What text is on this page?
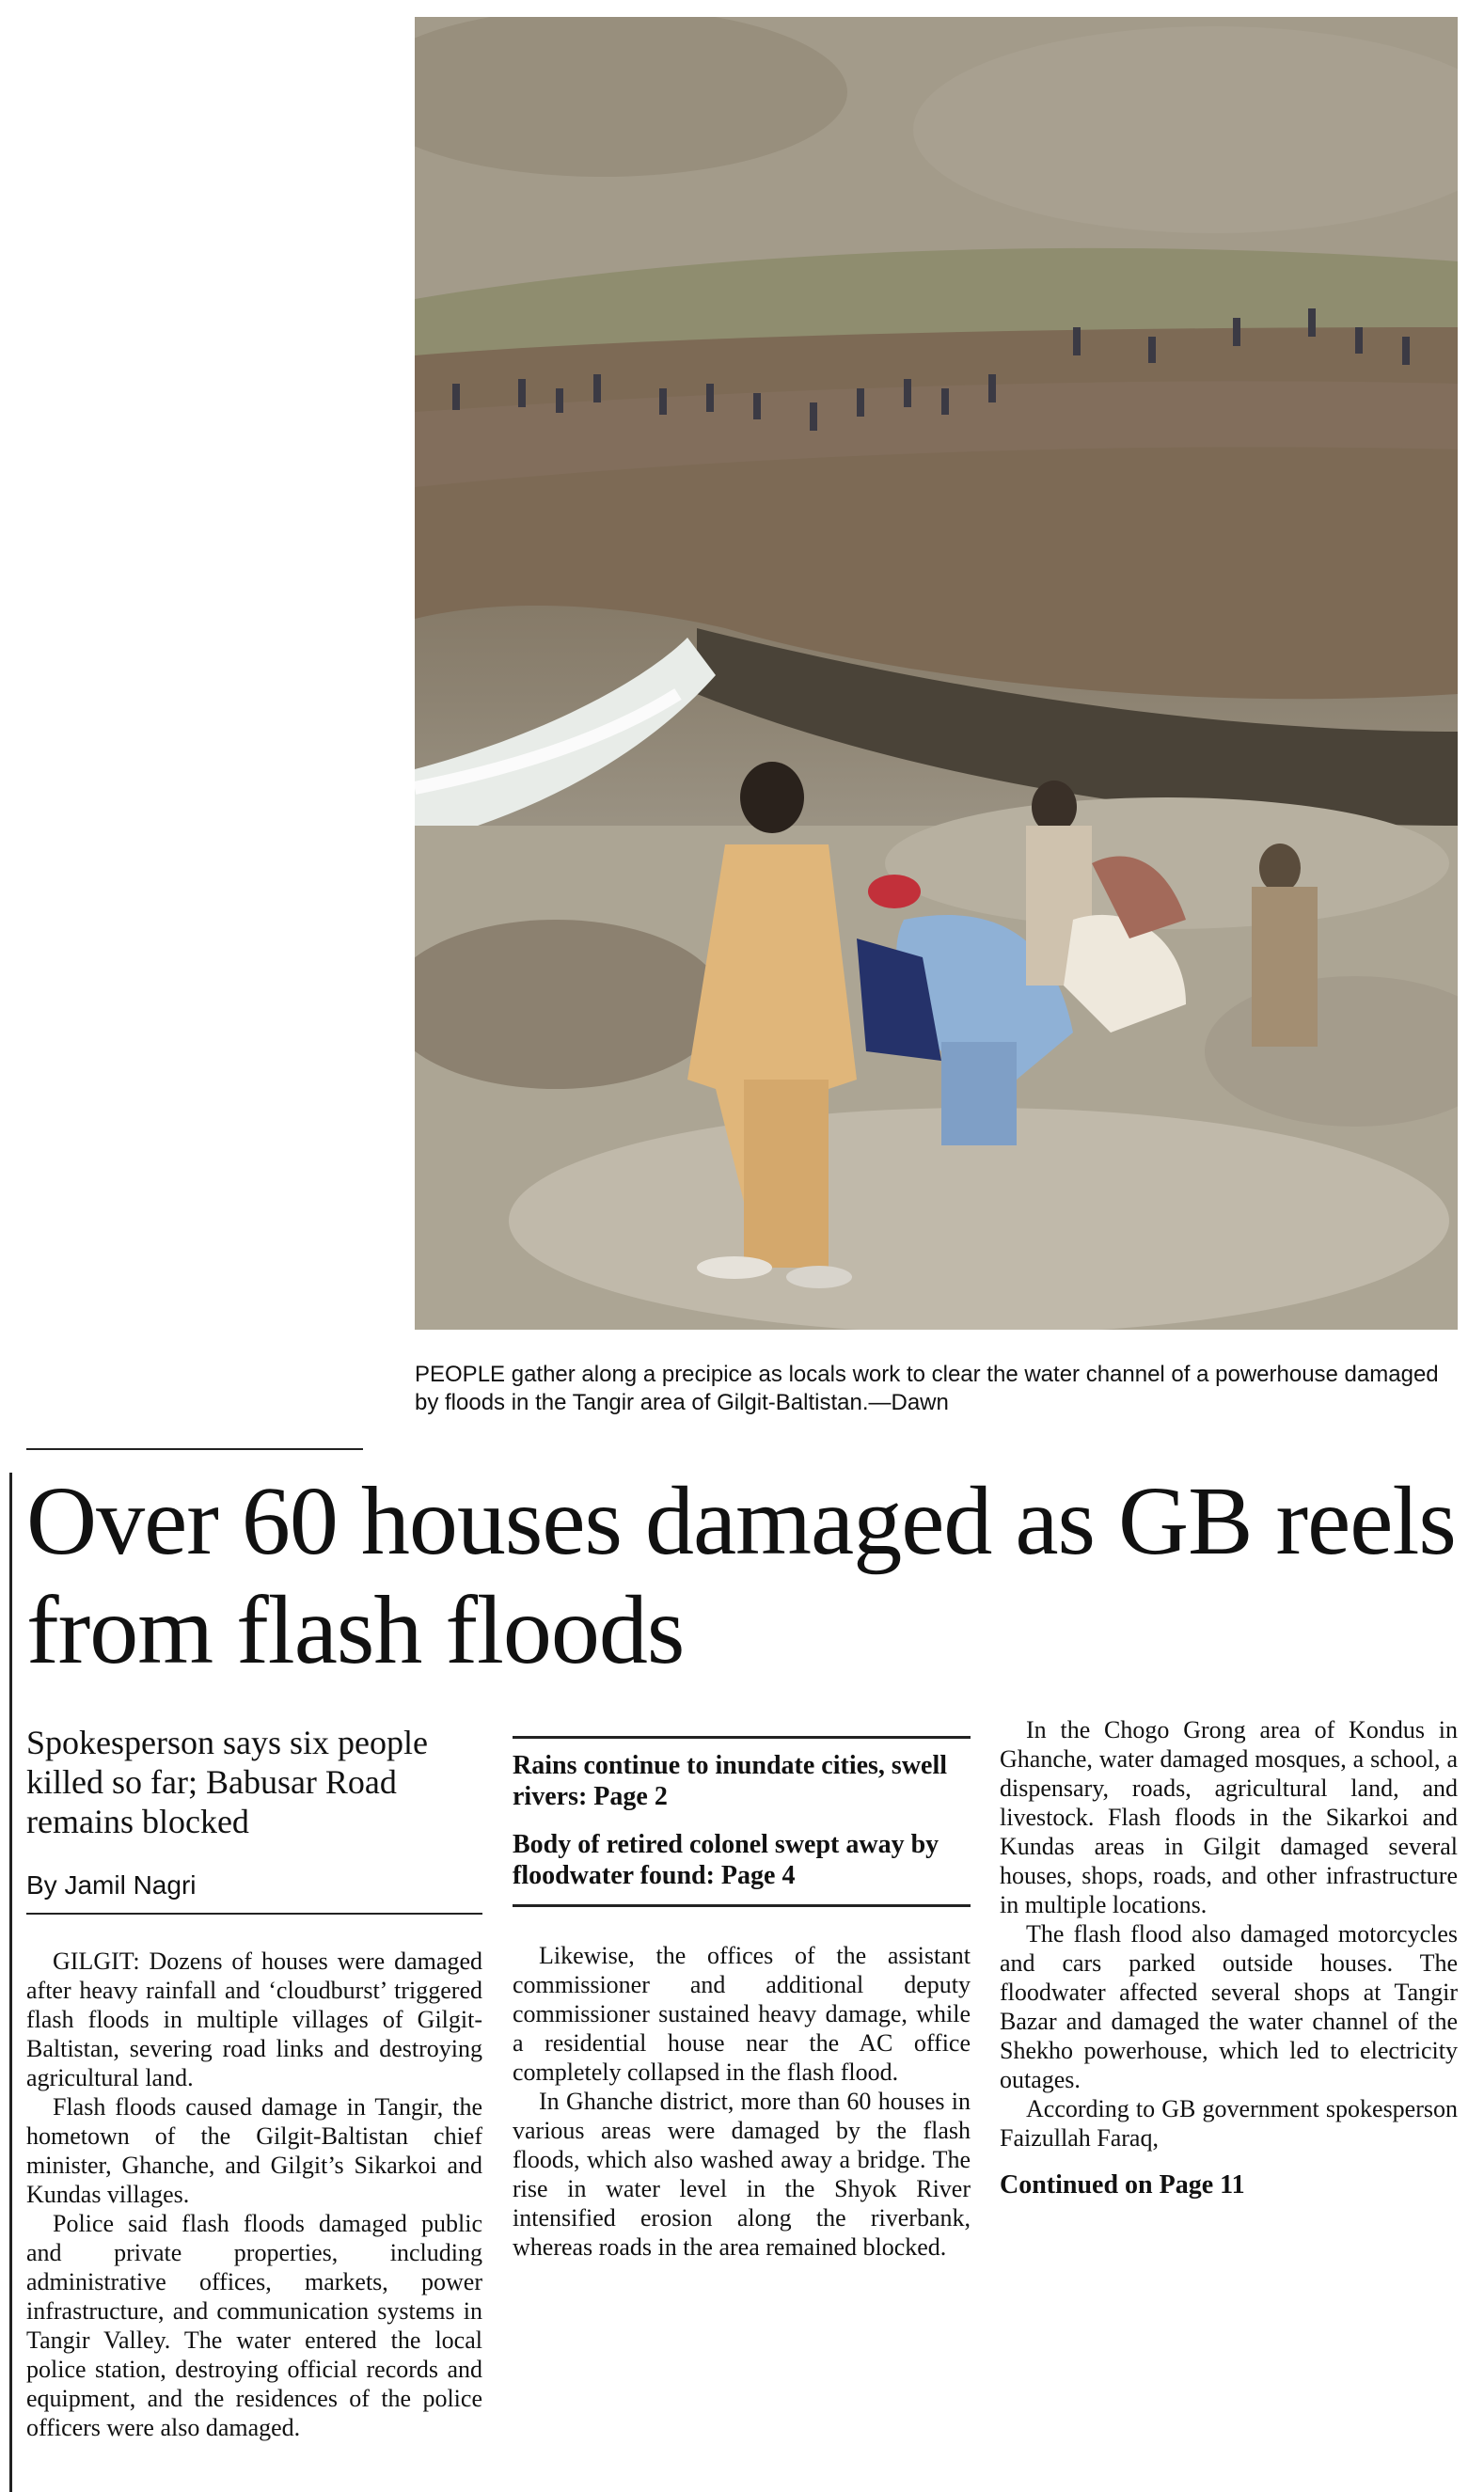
PEOPLE gather along a precipice as locals work to clear the water channel of a powerhouse damaged by floods in the Tangir area of Gilgit-Baltistan.—Dawn
Over 60 houses damaged as GB reels from flash floods
Spokesperson says six people killed so far; Babusar Road remains blocked
By Jamil Nagri

GILGIT: Dozens of houses were damaged after heavy rainfall and ‘cloudburst’ triggered flash floods in multiple villages of Gilgit-Baltistan, severing road links and destroying agricultural land.

Flash floods caused damage in Tangir, the hometown of the Gilgit-Baltistan chief minister, Ghanche, and Gilgit’s Sikarkoi and Kundas villages.

Police said flash floods damaged public and private properties, including administrative offices, markets, power infrastructure, and communication systems in Tangir Valley. The water entered the local police station, destroying official records and equipment, and the residences of the police officers were also damaged.

Rains continue to inundate cities, swell rivers: Page 2
Body of retired colonel swept away by floodwater found: Page 4

Likewise, the offices of the assistant commissioner and additional deputy commissioner sustained heavy damage, while a residential house near the AC office completely collapsed in the flash flood.

In Ghanche district, more than 60 houses in various areas were damaged by the flash floods, which also washed away a bridge. The rise in water level in the Shyok River intensified erosion along the riverbank, whereas roads in the area remained blocked.

In the Chogo Grong area of Kondus in Ghanche, water damaged mosques, a school, a dispensary, roads, agricultural land, and livestock. Flash floods in the Sikarkoi and Kundas areas in Gilgit damaged several houses, shops, roads, and other infrastructure in multiple locations.

The flash flood also damaged motorcycles and cars parked outside houses. The floodwater affected several shops at Tangir Bazar and damaged the water channel of the Shekho powerhouse, which led to electricity outages.

According to GB government spokesperson Faizullah Faraq,

Continued on Page 11
